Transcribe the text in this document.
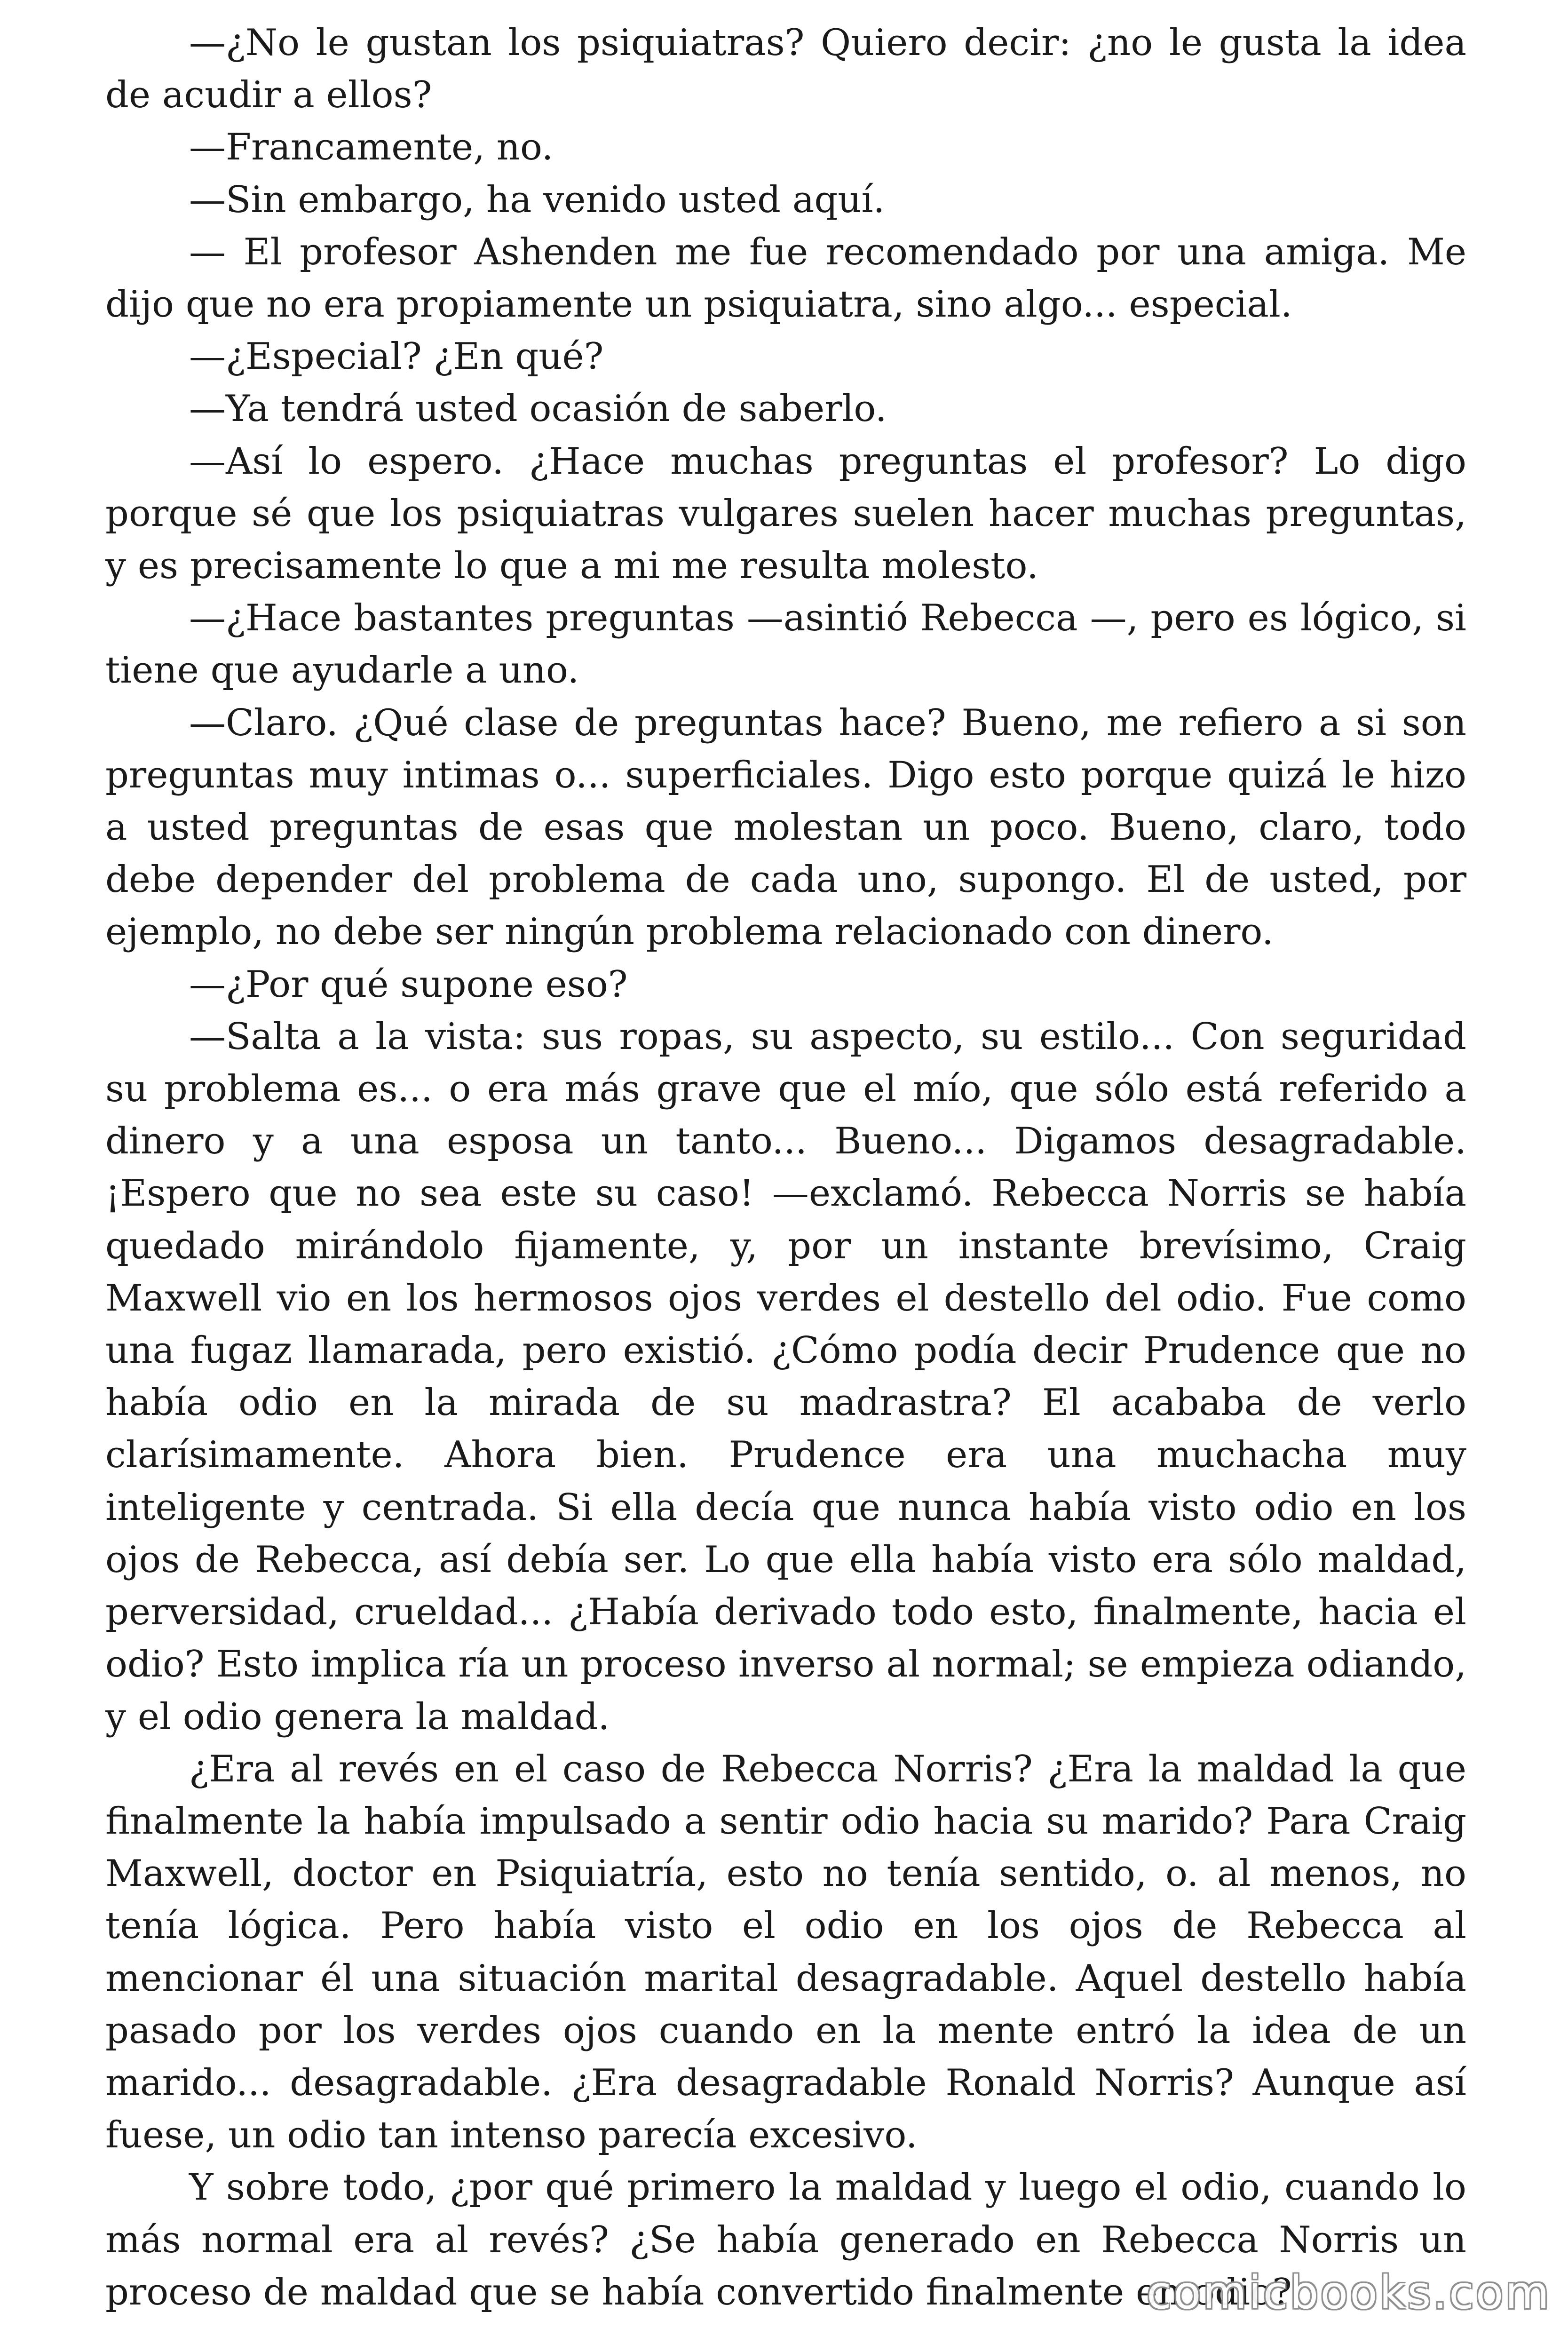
—¿No le gustan los psiquiatras? Quiero decir: ¿no le gusta la idea de acudir a ellos?

—Francamente, no.

—Sin embargo, ha venido usted aquí.

— El profesor Ashenden me fue recomendado por una amiga. Me dijo que no era propiamente un psiquiatra, sino algo... especial.

—¿Especial? ¿En qué?

—Ya tendrá usted ocasión de saberlo.

—Así lo espero. ¿Hace muchas preguntas el profesor? Lo digo porque sé que los psiquiatras vulgares suelen hacer muchas preguntas, y es precisamente lo que a mi me resulta molesto.

—¿Hace bastantes preguntas —asintió Rebecca —, pero es lógico, si tiene que ayudarle a uno.

—Claro. ¿Qué clase de preguntas hace? Bueno, me refiero a si son preguntas muy intimas o... superficiales. Digo esto porque quizá le hizo a usted preguntas de esas que molestan un poco. Bueno, claro, todo debe depender del problema de cada uno, supongo. El de usted, por ejemplo, no debe ser ningún problema relacionado con dinero.

—¿Por qué supone eso?

—Salta a la vista: sus ropas, su aspecto, su estilo... Con seguridad su problema es... o era más grave que el mío, que sólo está referido a dinero y a una esposa un tanto... Bueno... Digamos desagradable. ¡Espero que no sea este su caso! —exclamó. Rebecca Norris se había quedado mirándolo fijamente, y, por un instante brevísimo, Craig Maxwell vio en los hermosos ojos verdes el destello del odio. Fue como una fugaz llamarada, pero existió. ¿Cómo podía decir Prudence que no había odio en la mirada de su madrastra? El acababa de verlo clarísimamente. Ahora bien. Prudence era una muchacha muy inteligente y centrada. Si ella decía que nunca había visto odio en los ojos de Rebecca, así debía ser. Lo que ella había visto era sólo maldad, perversidad, crueldad... ¿Había derivado todo esto, finalmente, hacia el odio? Esto implica ría un proceso inverso al normal; se empieza odiando, y el odio genera la maldad.

¿Era al revés en el caso de Rebecca Norris? ¿Era la maldad la que finalmente la había impulsado a sentir odio hacia su marido? Para Craig Maxwell, doctor en Psiquiatría, esto no tenía sentido, o. al menos, no tenía lógica. Pero había visto el odio en los ojos de Rebecca al mencionar él una situación marital desagradable. Aquel destello había pasado por los verdes ojos cuando en la mente entró la idea de un marido... desagradable. ¿Era desagradable Ronald Norris? Aunque así fuese, un odio tan intenso parecía excesivo.

Y sobre todo, ¿por qué primero la maldad y luego el odio, cuando lo más normal era al revés? ¿Se había generado en Rebecca Norris un proceso de maldad que se había convertido finalmente en odio?

comicbooks.com
